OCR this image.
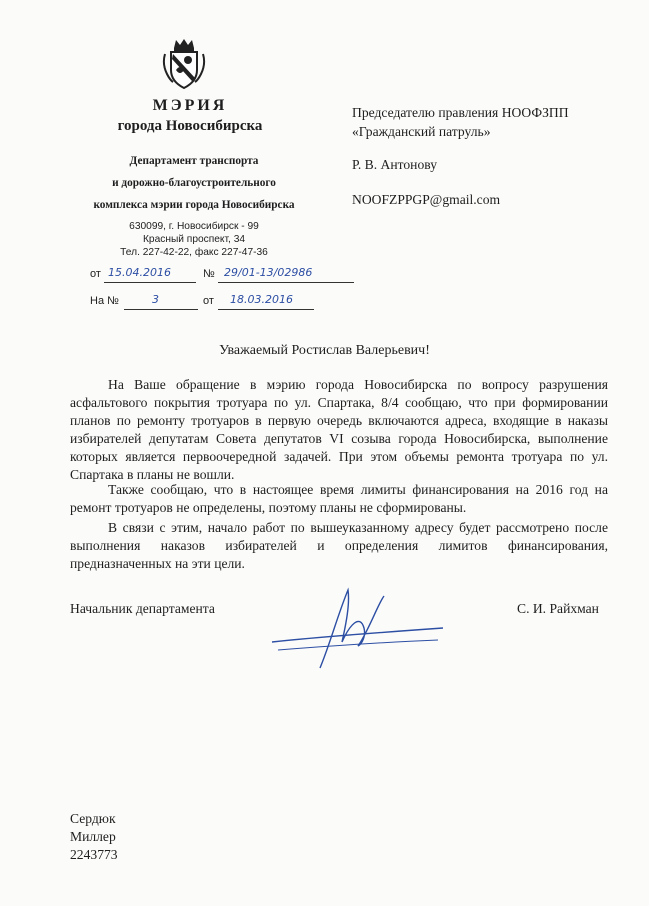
МЭРИЯ
города Новосибирска
Департамент транспорта
и дорожно-благоустроительного
комплекса мэрии города Новосибирска
630099, г. Новосибирск - 99
Красный проспект, 34
Тел. 227-42-22, факс 227-47-36
от 15.04.2016	№ 29/01-13/02986
На №	3	от 18.03.2016
Председателю правления НООФЗПП
«Гражданский патруль»
Р. В. Антонову
NOOFZPPGP@gmail.com
Уважаемый Ростислав Валерьевич!
На Ваше обращение в мэрию города Новосибирска по вопросу разрушения асфальтового покрытия тротуара по ул. Спартака, 8/4 сообщаю, что при формировании планов по ремонту тротуаров в первую очередь включаются адреса, входящие в наказы избирателей депутатам Совета депутатов VI созыва города Новосибирска, выполнение которых является первоочередной задачей. При этом объемы ремонта тротуара по ул. Спартака в планы не вошли.
Также сообщаю, что в настоящее время лимиты финансирования на 2016 год на ремонт тротуаров не определены, поэтому планы не сформированы.
В связи с этим, начало работ по вышеуказанному адресу будет рассмотрено после выполнения наказов избирателей и определения лимитов финансирования, предназначенных на эти цели.
Начальник департамента	С. И. Райхман
Сердюк
Миллер
2243773
